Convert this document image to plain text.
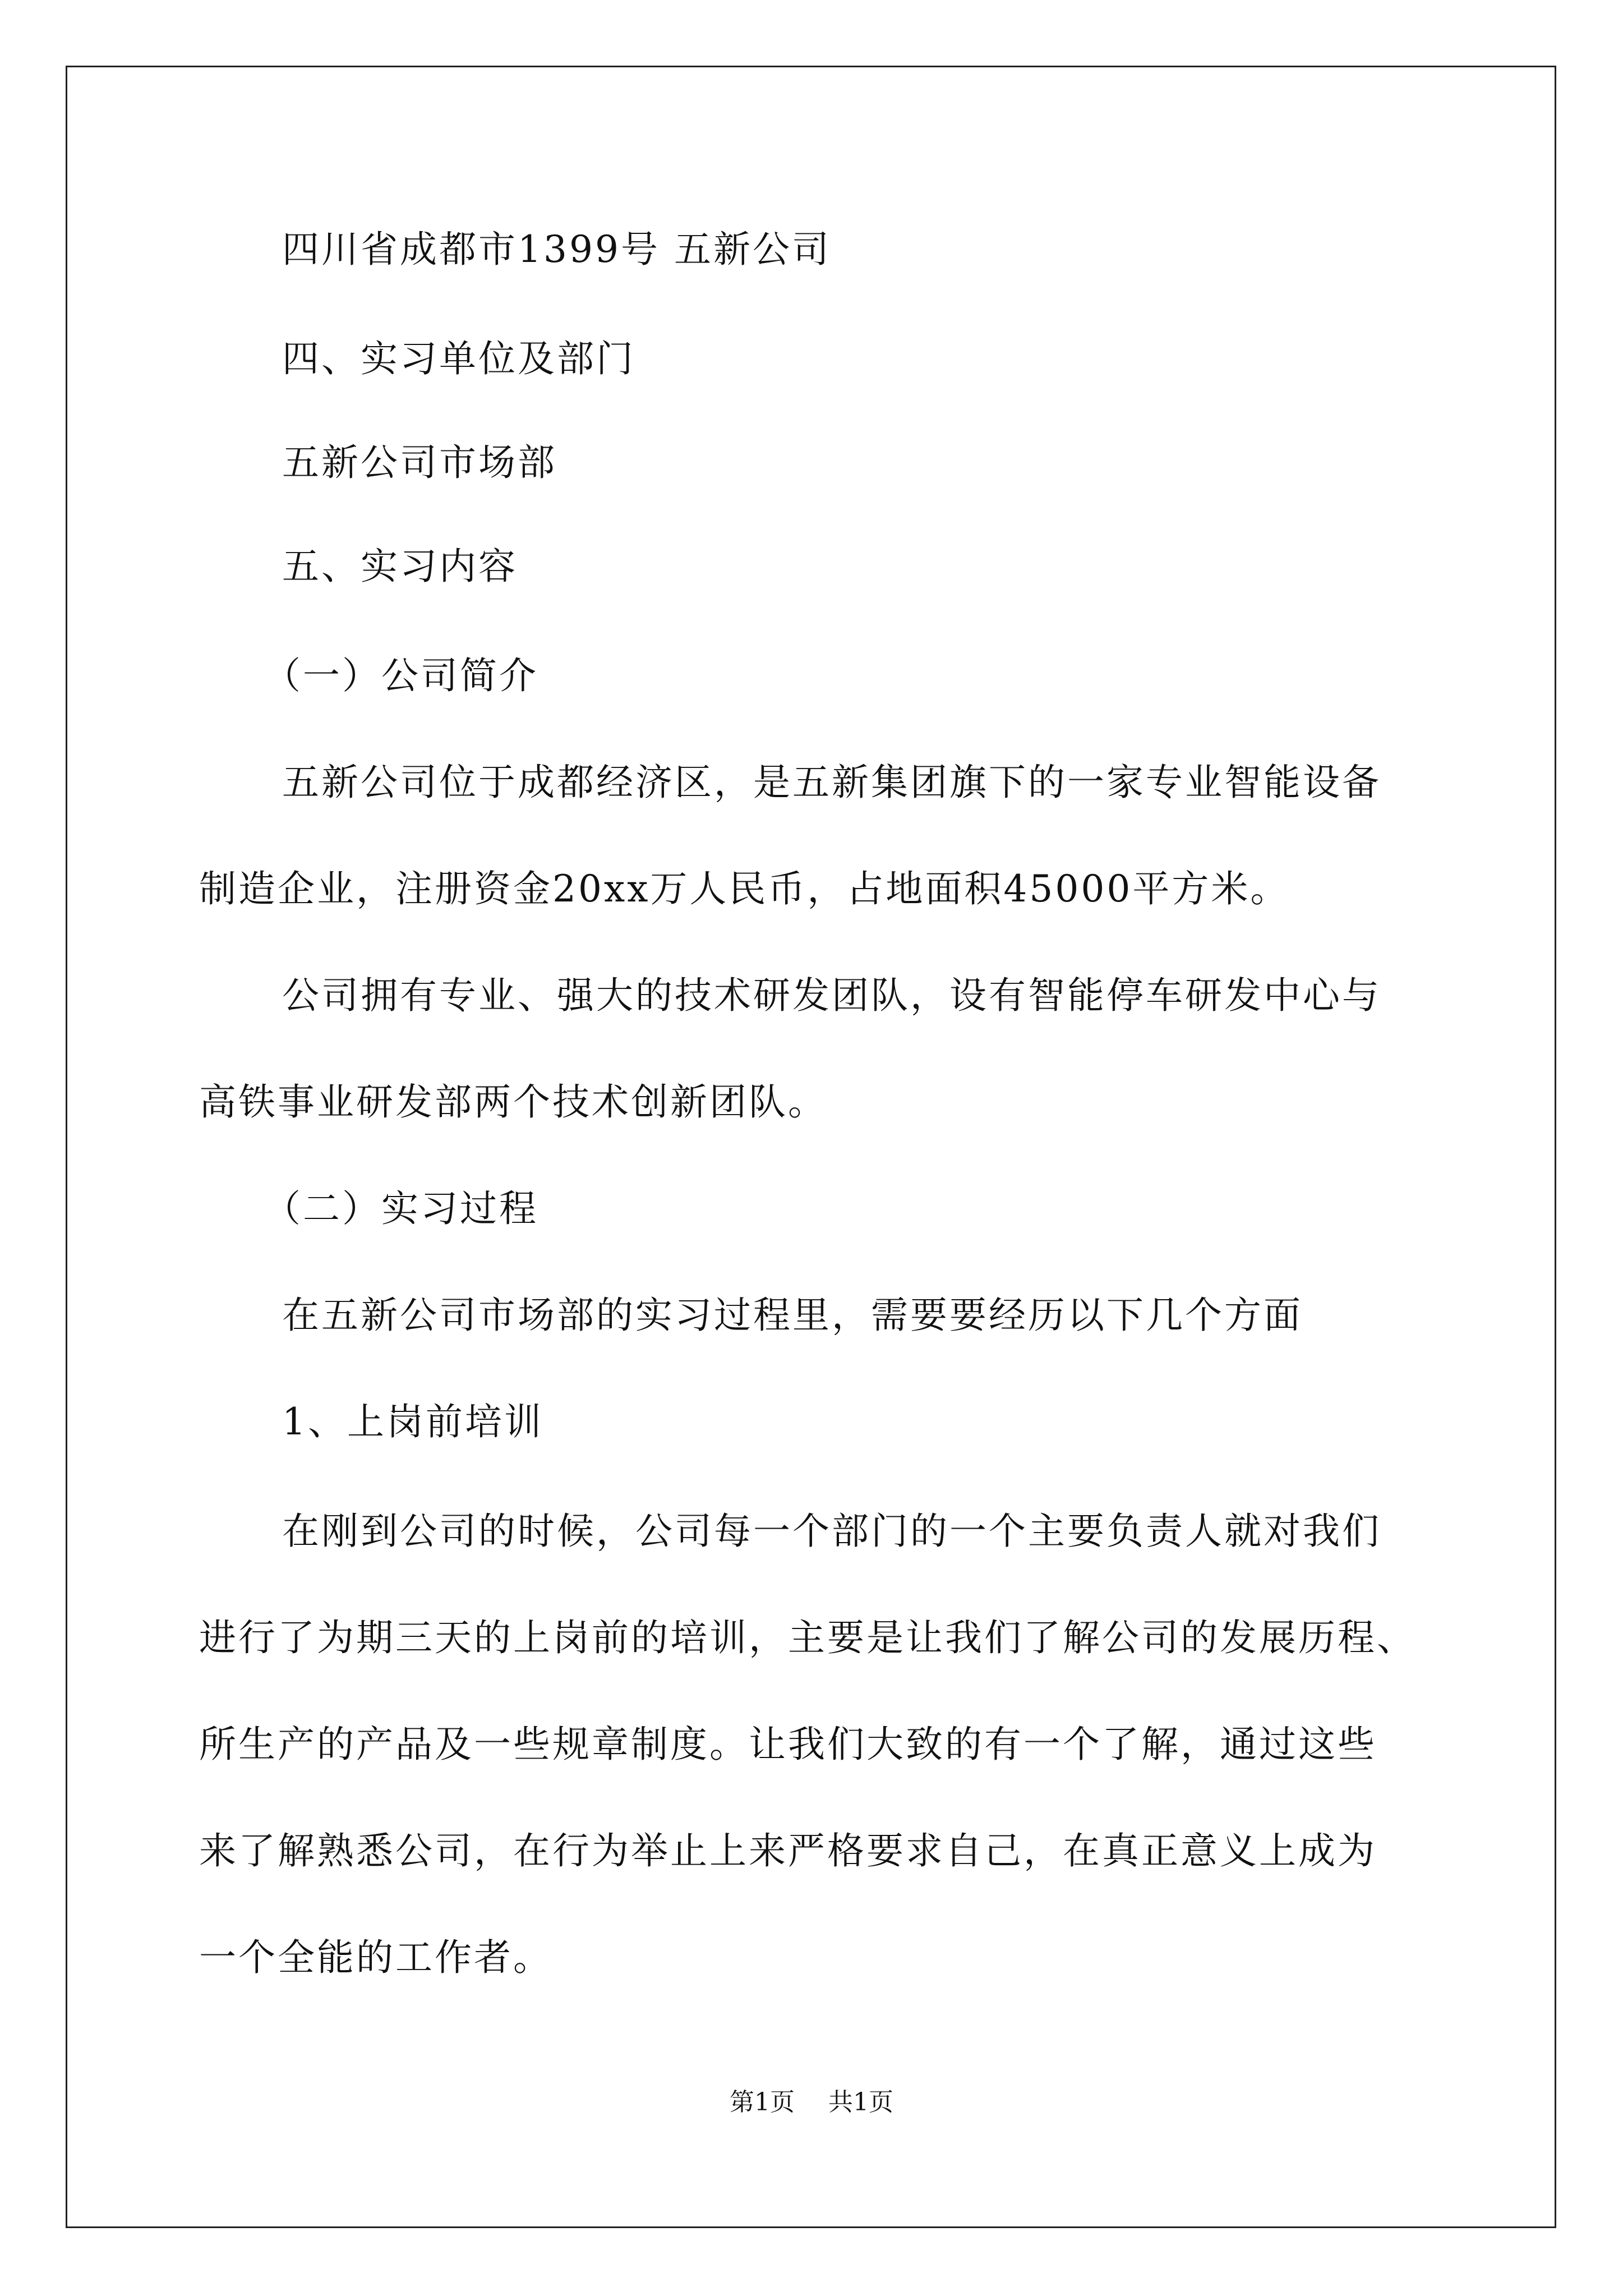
四川省成都市1399号 五新公司
四、实习单位及部门
五新公司市场部
五、实习内容
（一）公司简介
五新公司位于成都经济区，是五新集团旗下的一家专业智能设备
制造企业，注册资金20xx万人民币，占地面积45000平方米。
公司拥有专业、强大的技术研发团队，设有智能停车研发中心与
高铁事业研发部两个技术创新团队。
（二）实习过程
在五新公司市场部的实习过程里，需要要经历以下几个方面
1、上岗前培训
在刚到公司的时候，公司每一个部门的一个主要负责人就对我们
进行了为期三天的上岗前的培训，主要是让我们了解公司的发展历程、
所生产的产品及一些规章制度。让我们大致的有一个了解，通过这些
来了解熟悉公司，在行为举止上来严格要求自己，在真正意义上成为
一个全能的工作者。
第1页 共1页
